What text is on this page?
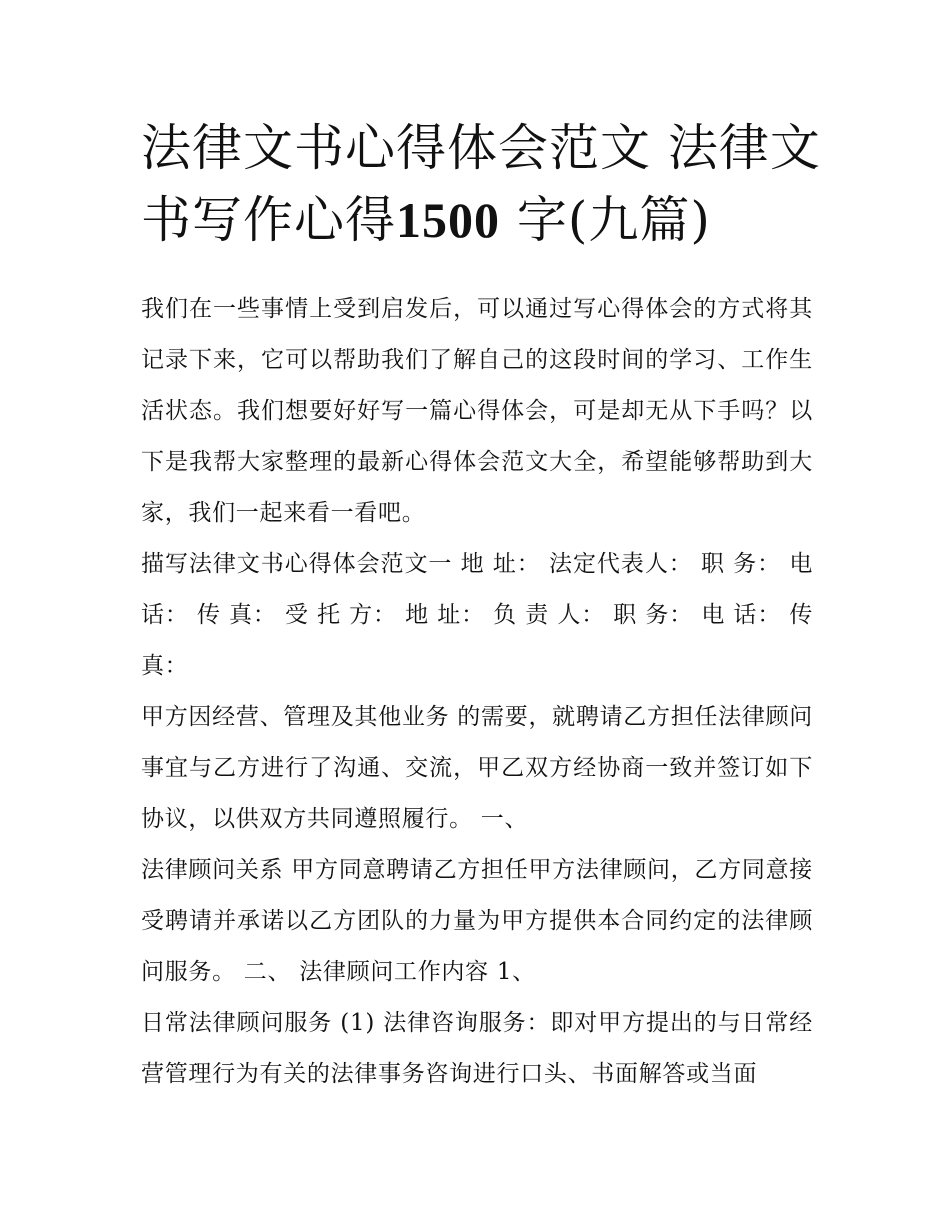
法律文书心得体会范文 法律文书写作心得1500 字(九篇)

我们在一些事情上受到启发后，可以通过写心得体会的方式将其记录下来，它可以帮助我们了解自己的这段时间的学习、工作生活状态。我们想要好好写一篇心得体会，可是却无从下手吗？以下是我帮大家整理的最新心得体会范文大全，希望能够帮助到大家，我们一起来看一看吧。

描写法律文书心得体会范文一 地 址： 法定代表人： 职 务： 电 话： 传 真： 受 托 方： 地 址： 负 责 人： 职 务： 电 话： 传 真：

甲方因经营、管理及其他业务 的需要，就聘请乙方担任法律顾问事宜与乙方进行了沟通、交流，甲乙双方经协商一致并签订如下协议，以供双方共同遵照履行。 一、

法律顾问关系 甲方同意聘请乙方担任甲方法律顾问，乙方同意接受聘请并承诺以乙方团队的力量为甲方提供本合同约定的法律顾问服务。 二、 法律顾问工作内容 1、

日常法律顾问服务 (1) 法律咨询服务：即对甲方提出的与日常经营管理行为有关的法律事务咨询进行口头、书面解答或当面
